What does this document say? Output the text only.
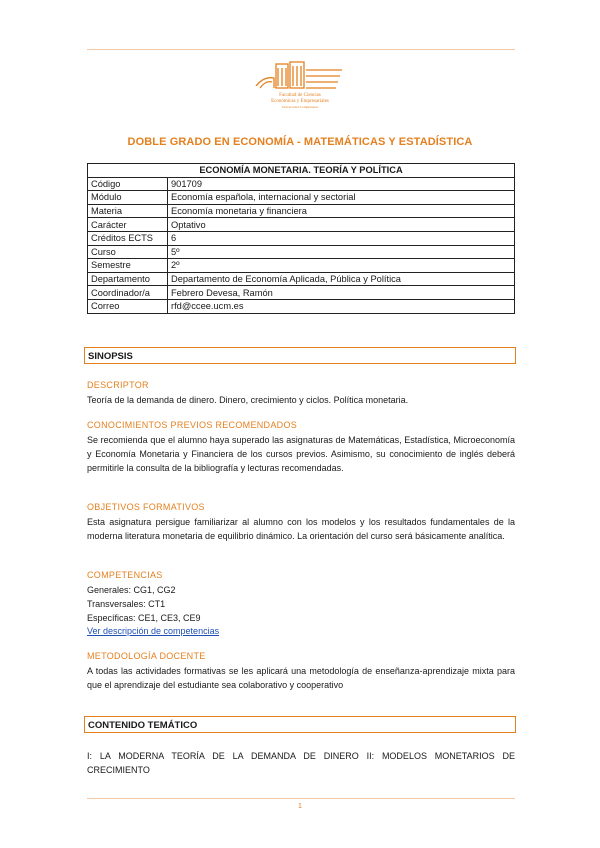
Facultad de Ciencias
Económicas y Empresariales
Universidad Complutense
DOBLE GRADO EN ECONOMÍA - MATEMÁTICAS Y ESTADÍSTICA
ECONOMÍA MONETARIA. TEORÍA Y POLÍTICA	
Código	901709
Módulo	Economía española, internacional y sectorial
Materia	Economía monetaria y financiera
Carácter	Optativo
Créditos ECTS	6
Curso	5º
Semestre	2º
Departamento	Departamento de Economía Aplicada, Pública y Política
Coordinador/a	Febrero Devesa, Ramón
Correo	rfd@ccee.ucm.es
SINOPSIS
DESCRIPTOR
Teoría de la demanda de dinero. Dinero, crecimiento y ciclos. Política monetaria.
CONOCIMIENTOS PREVIOS RECOMENDADOS
Se recomienda que el alumno haya superado las asignaturas de Matemáticas, Estadística, Microeconomía y Economía Monetaria y Financiera de los cursos previos. Asimismo, su conocimiento de inglés deberá permitirle la consulta de la bibliografía y lecturas recomendadas.
OBJETIVOS FORMATIVOS
Esta asignatura persigue familiarizar al alumno con los modelos y los resultados fundamentales de la moderna literatura monetaria de equilibrio dinámico. La orientación del curso será básicamente analítica.
COMPETENCIAS
Generales: CG1, CG2
Transversales: CT1
Específicas: CE1, CE3, CE9
Ver descripción de competencias
METODOLOGÍA DOCENTE
A todas las actividades formativas se les aplicará una metodología de enseñanza-aprendizaje mixta para que el aprendizaje del estudiante sea colaborativo y cooperativo
CONTENIDO TEMÁTICO
I: LA MODERNA TEORÍA DE LA DEMANDA DE DINERO II: MODELOS MONETARIOS DE CRECIMIENTO
1
